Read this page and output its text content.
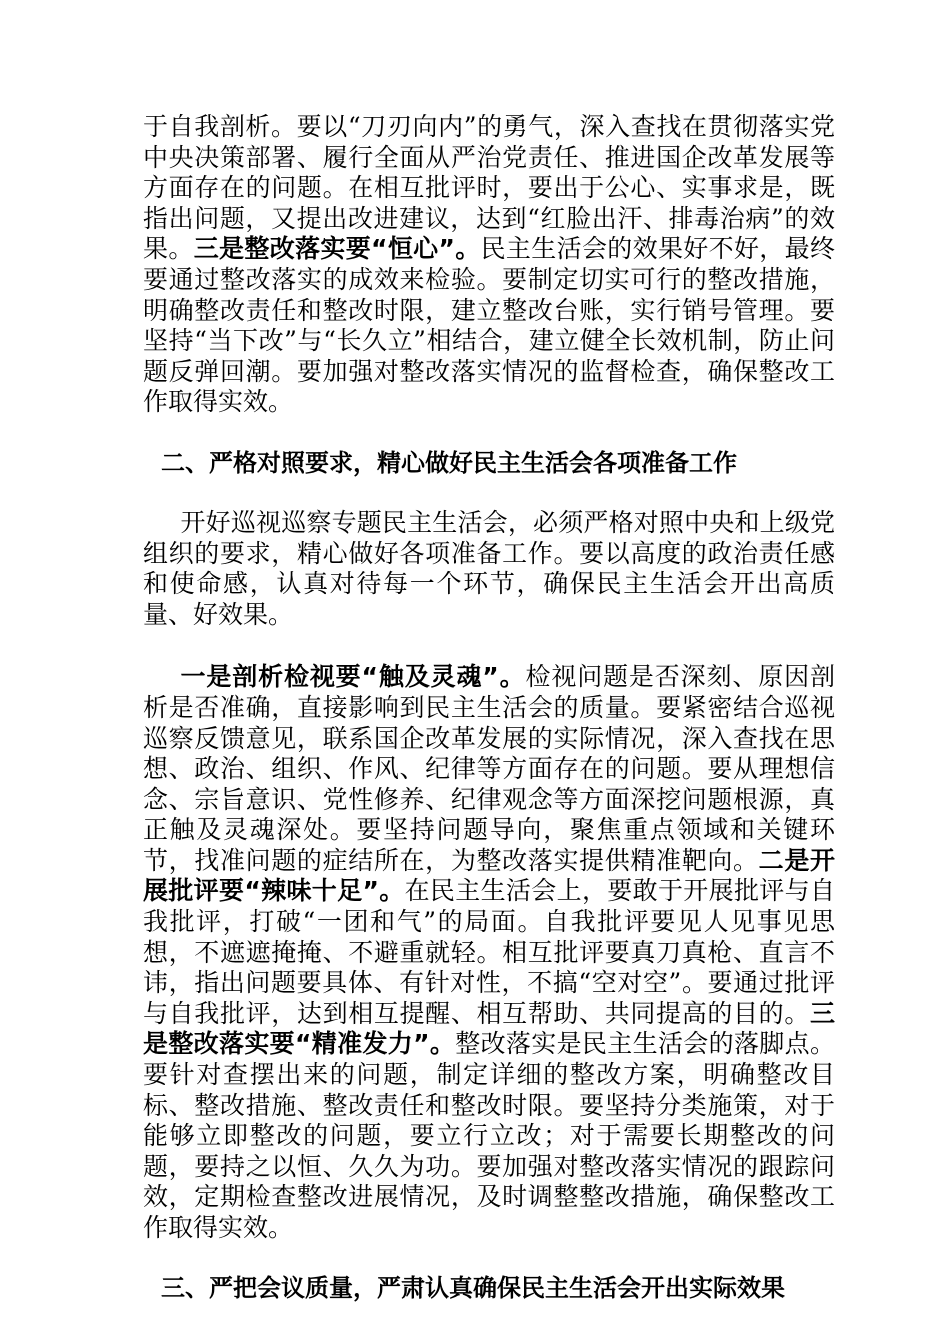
于自我剖析。要以“刀刃向内”的勇气，深入查找在贯彻落实党中央决策部署、履行全面从严治党责任、推进国企改革发展等方面存在的问题。在相互批评时，要出于公心、实事求是，既指出问题，又提出改进建议，达到“红脸出汗、排毒治病”的效果。三是整改落实要“恒心”。民主生活会的效果好不好，最终要通过整改落实的成效来检验。要制定切实可行的整改措施，明确整改责任和整改时限，建立整改台账，实行销号管理。要坚持“当下改”与“长久立”相结合，建立健全长效机制，防止问题反弹回潮。要加强对整改落实情况的监督检查，确保整改工作取得实效。

二、严格对照要求，精心做好民主生活会各项准备工作

开好巡视巡察专题民主生活会，必须严格对照中央和上级党组织的要求，精心做好各项准备工作。要以高度的政治责任感和使命感，认真对待每一个环节，确保民主生活会开出高质量、好效果。

一是剖析检视要“触及灵魂”。检视问题是否深刻、原因剖析是否准确，直接影响到民主生活会的质量。要紧密结合巡视巡察反馈意见，联系国企改革发展的实际情况，深入查找在思想、政治、组织、作风、纪律等方面存在的问题。要从理想信念、宗旨意识、党性修养、纪律观念等方面深挖问题根源，真正触及灵魂深处。要坚持问题导向，聚焦重点领域和关键环节，找准问题的症结所在，为整改落实提供精准靶向。二是开展批评要“辣味十足”。在民主生活会上，要敢于开展批评与自我批评，打破“一团和气”的局面。自我批评要见人见事见思想，不遮遮掩掩、不避重就轻。相互批评要真刀真枪、直言不讳，指出问题要具体、有针对性，不搞“空对空”。要通过批评与自我批评，达到相互提醒、相互帮助、共同提高的目的。三是整改落实要“精准发力”。整改落实是民主生活会的落脚点。要针对查摆出来的问题，制定详细的整改方案，明确整改目标、整改措施、整改责任和整改时限。要坚持分类施策，对于能够立即整改的问题，要立行立改；对于需要长期整改的问题，要持之以恒、久久为功。要加强对整改落实情况的跟踪问效，定期检查整改进展情况，及时调整整改措施，确保整改工作取得实效。

三、严把会议质量，严肃认真确保民主生活会开出实际效果
